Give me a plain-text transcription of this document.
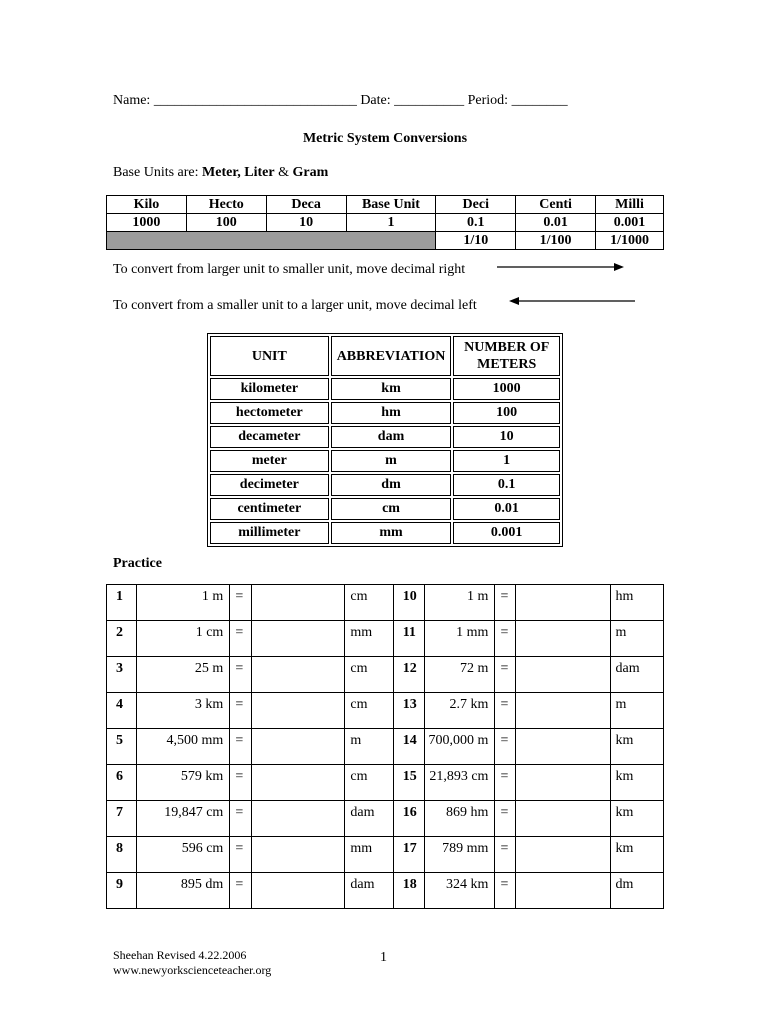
Name: _____________________________ Date: __________ Period: ________
Metric System Conversions
Base Units are: Meter, Liter & Gram
Kilo	Hecto	Deca	Base Unit	Deci	Centi	Milli
1000	100	10	1	0.1	0.01	0.001
				1/10	1/100	1/1000
To convert from larger unit to smaller unit, move decimal right
To convert from a smaller unit to a larger unit, move decimal left
UNIT	ABBREVIATION	NUMBER OF METERS
kilometer	km	1000
hectometer	hm	100
decameter	dam	10
meter	m	1
decimeter	dm	0.1
centimeter	cm	0.01
millimeter	mm	0.001
Practice
1	1 m	=		cm	10	1 m	=		hm

2	1 cm	=		mm	11	1 mm	=		m

3	25 m	=		cm	12	72 m	=		dam

4	3 km	=		cm	13	2.7 km	=		m

5	4,500 mm	=		m	14	700,000 m	=		km

6	579 km	=		cm	15	21,893 cm	=		km

7	19,847 cm	=		dam	16	869 hm	=		km

8	596 cm	=		mm	17	789 mm	=		km

9	895 dm	=		dam	18	324 km	=		dm
Sheehan Revised 4.22.2006
www.newyorkscienceteacher.org
1
